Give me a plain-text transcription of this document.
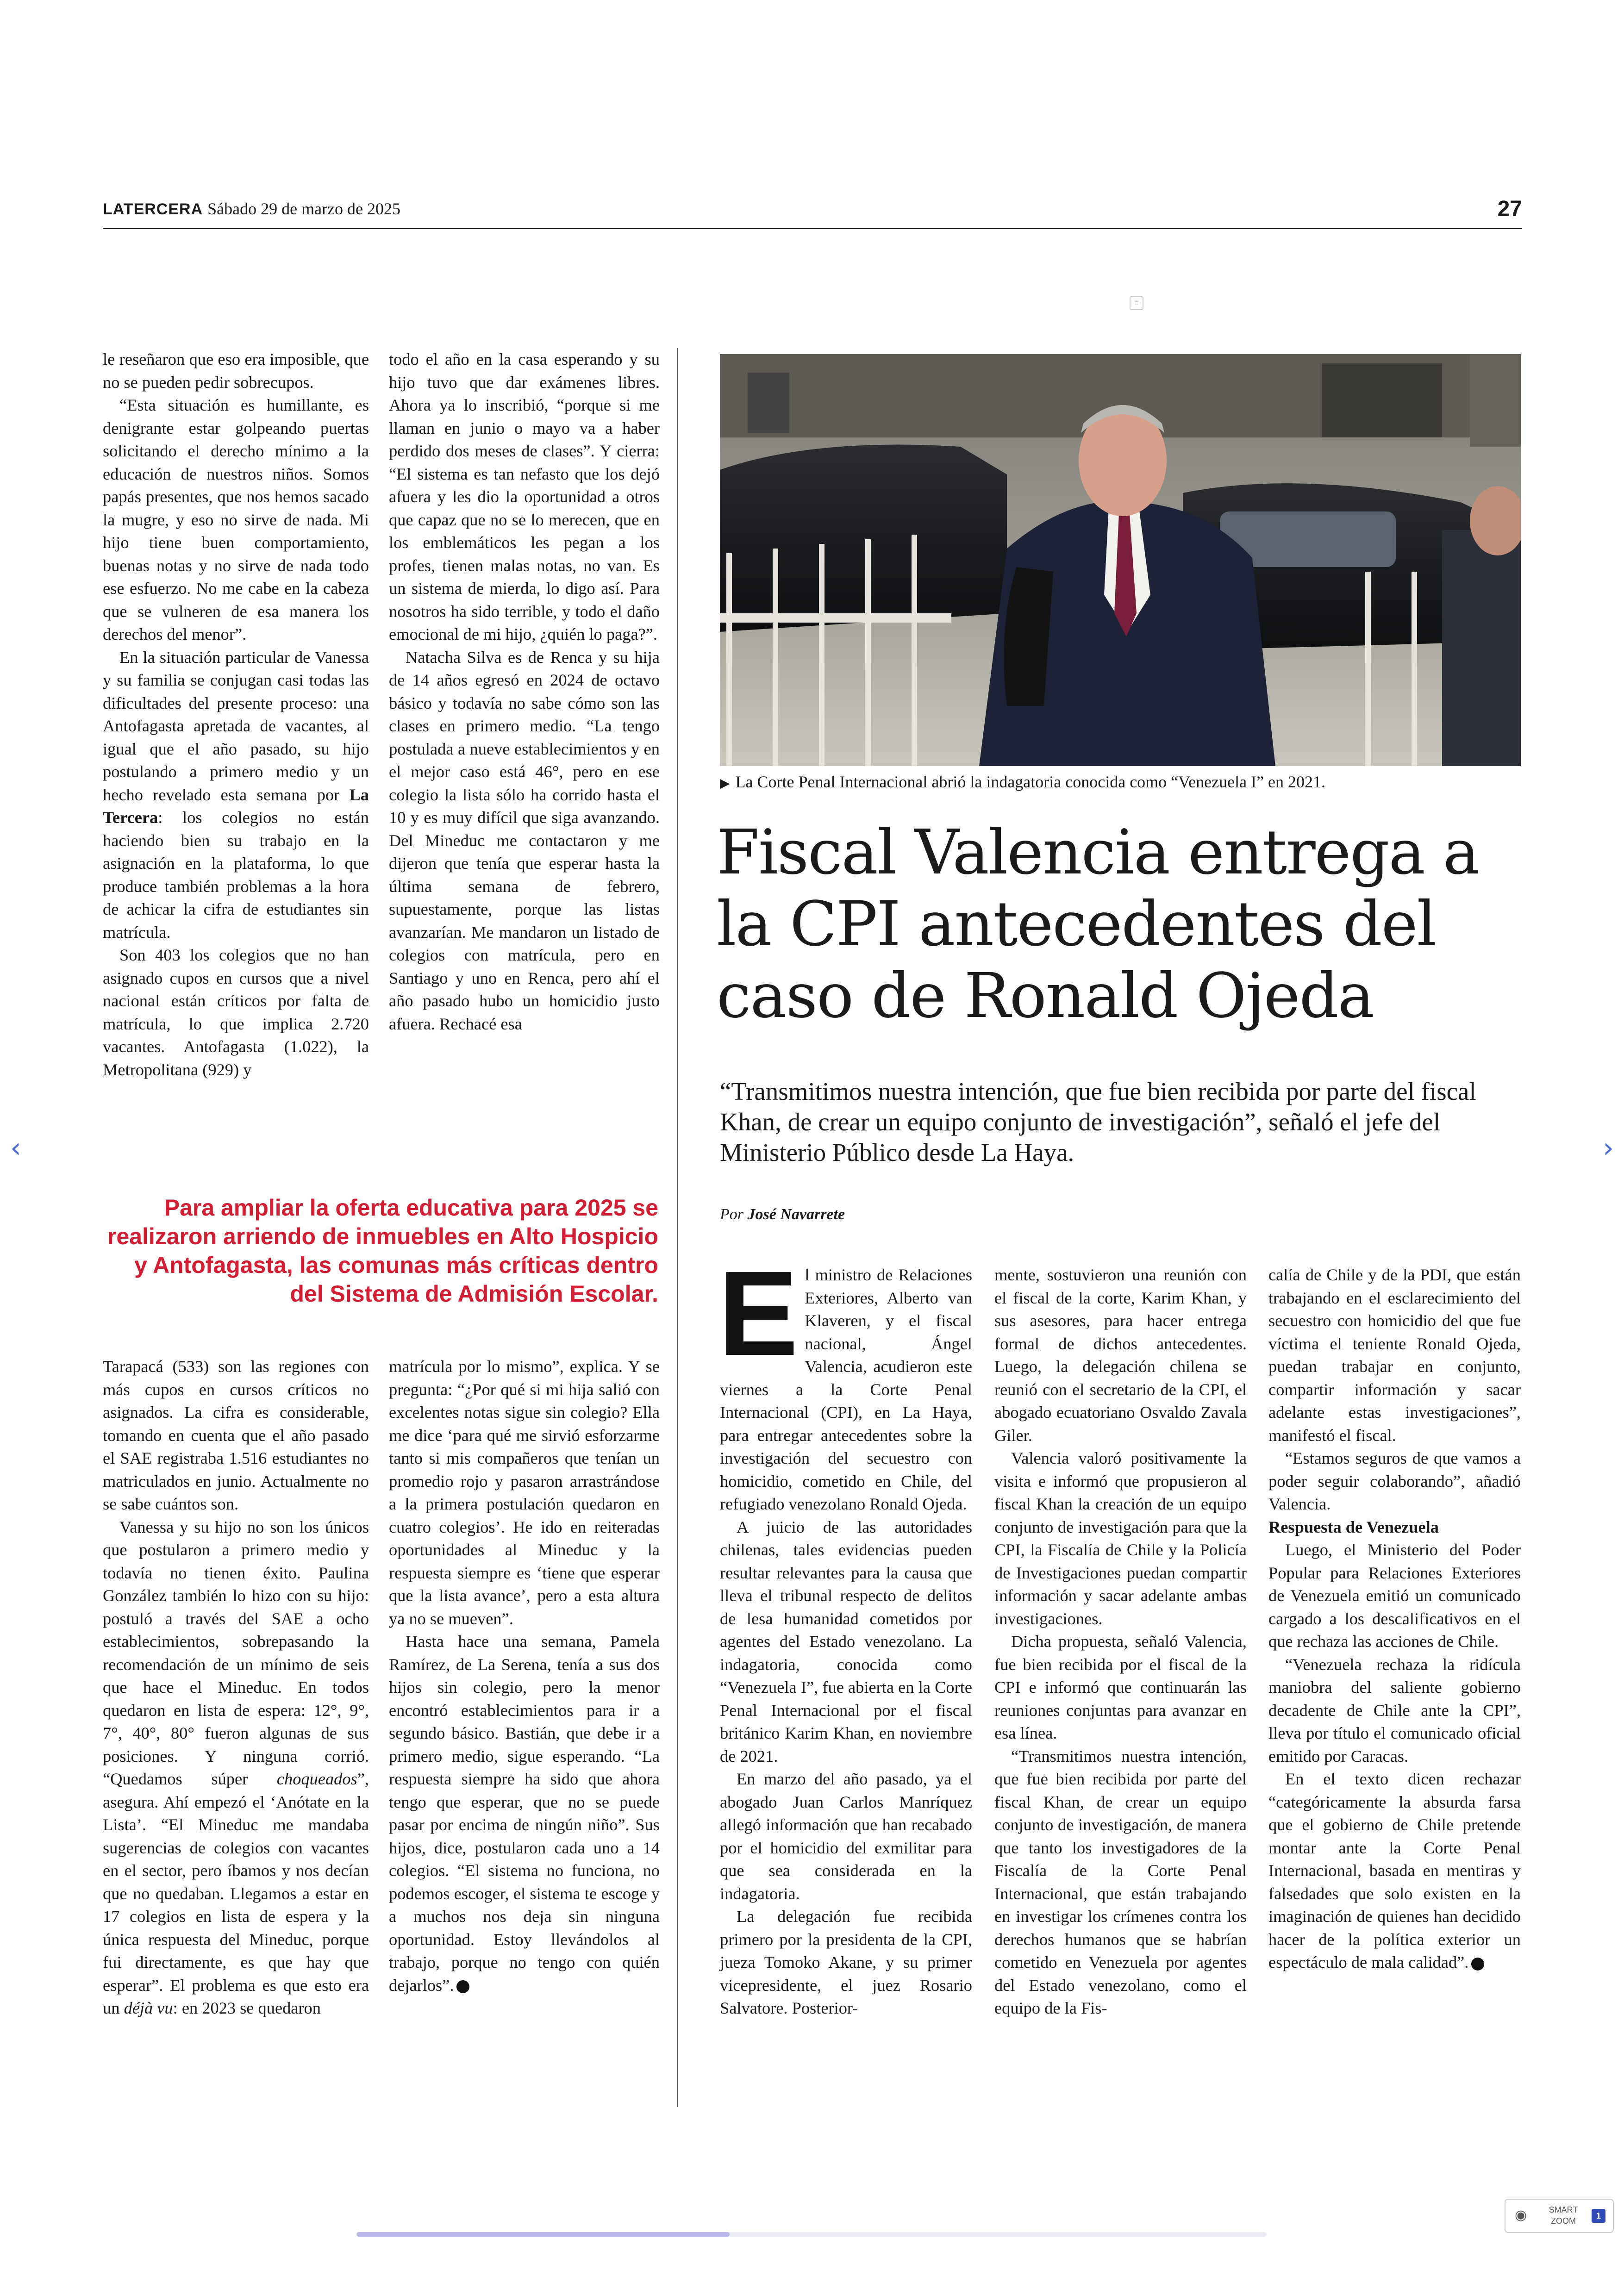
LATERCERA Sábado 29 de marzo de 2025	27
≡

le reseñaron que eso era imposible, que no se pueden pedir sobrecupos.

“Esta situación es humillante, es denigrante estar golpeando puertas solicitando el derecho mínimo a la educación de nuestros niños. Somos papás presentes, que nos hemos sacado la mugre, y eso no sirve de nada. Mi hijo tiene buen comportamiento, buenas notas y no sirve de nada todo ese esfuerzo. No me cabe en la cabeza que se vulneren de esa manera los derechos del menor”.

En la situación particular de Vanessa y su familia se conjugan casi todas las dificultades del presente proceso: una Antofagasta apretada de vacantes, al igual que el año pasado, su hijo postulando a primero medio y un hecho revelado esta semana por La Tercera: los colegios no están haciendo bien su trabajo en la asignación en la plataforma, lo que produce también problemas a la hora de achicar la cifra de estudiantes sin matrícula.

Son 403 los colegios que no han asignado cupos en cursos que a nivel nacional están críticos por falta de matrícula, lo que implica 2.720 vacantes. Antofagasta (1.022), la Metropolitana (929) y

todo el año en la casa esperando y su hijo tuvo que dar exámenes libres. Ahora ya lo inscribió, “porque si me llaman en junio o mayo va a haber perdido dos meses de clases”. Y cierra: “El sistema es tan nefasto que los dejó afuera y les dio la oportunidad a otros que capaz que no se lo merecen, que en los emblemáticos les pegan a los profes, tienen malas notas, no van. Es un sistema de mierda, lo digo así. Para nosotros ha sido terrible, y todo el daño emocional de mi hijo, ¿quién lo paga?”.

Natacha Silva es de Renca y su hija de 14 años egresó en 2024 de octavo básico y todavía no sabe cómo son las clases en primero medio. “La tengo postulada a nueve establecimientos y en el mejor caso está 46°, pero en ese colegio la lista sólo ha corrido hasta el 10 y es muy difícil que siga avanzando. Del Mineduc me contactaron y me dijeron que tenía que esperar hasta la última semana de febrero, supuestamente, porque las listas avanzarían. Me mandaron un listado de colegios con matrícula, pero en Santiago y uno en Renca, pero ahí el año pasado hubo un homicidio justo afuera. Rechacé esa

Para ampliar la oferta educativa para 2025 se realizaron arriendo de inmuebles en Alto Hospicio y Antofagasta, las comunas más críticas dentro del Sistema de Admisión Escolar.

Tarapacá (533) son las regiones con más cupos en cursos críticos no asignados. La cifra es considerable, tomando en cuenta que el año pasado el SAE registraba 1.516 estudiantes no matriculados en junio. Actualmente no se sabe cuántos son.

Vanessa y su hijo no son los únicos que postularon a primero medio y todavía no tienen éxito. Paulina González también lo hizo con su hijo: postuló a través del SAE a ocho establecimientos, sobrepasando la recomendación de un mínimo de seis que hace el Mineduc. En todos quedaron en lista de espera: 12°, 9°, 7°, 40°, 80° fueron algunas de sus posiciones. Y ninguna corrió. “Quedamos súper choqueados”, asegura. Ahí empezó el ‘Anótate en la Lista’. “El Mineduc me mandaba sugerencias de colegios con vacantes en el sector, pero íbamos y nos decían que no quedaban. Llegamos a estar en 17 colegios en lista de espera y la única respuesta del Mineduc, porque fui directamente, es que hay que esperar”. El problema es que esto era un déjà vu: en 2023 se quedaron

matrícula por lo mismo”, explica. Y se pregunta: “¿Por qué si mi hija salió con excelentes notas sigue sin colegio? Ella me dice ‘para qué me sirvió esforzarme tanto si mis compañeros que tenían un promedio rojo y pasaron arrastrándose a la primera postulación quedaron en cuatro colegios’. He ido en reiteradas oportunidades al Mineduc y la respuesta siempre es ‘tiene que esperar que la lista avance’, pero a esta altura ya no se mueven”.

Hasta hace una semana, Pamela Ramírez, de La Serena, tenía a sus dos hijos sin colegio, pero la menor encontró establecimientos para ir a segundo básico. Bastián, que debe ir a primero medio, sigue esperando. “La respuesta siempre ha sido que ahora tengo que esperar, que no se puede pasar por encima de ningún niño”. Sus hijos, dice, postularon cada uno a 14 colegios. “El sistema no funciona, no podemos escoger, el sistema te escoge y a muchos nos deja sin ninguna oportunidad. Estoy llevándolos al trabajo, porque no tengo con quién dejarlos”.

▶ La Corte Penal Internacional abrió la indagatoria conocida como “Venezuela I” en 2021.
Fiscal Valencia entrega a la CPI antecedentes del caso de Ronald Ojeda
“Transmitimos nuestra intención, que fue bien recibida por parte del fiscal Khan, de crear un equipo conjunto de investigación”, señaló el jefe del Ministerio Público desde La Haya.
Por José Navarrete

El ministro de Relaciones Exteriores, Alberto van Klaveren, y el fiscal nacional, Ángel Valencia, acudieron este viernes a la Corte Penal Internacional (CPI), en La Haya, para entregar antecedentes sobre la investigación del secuestro con homicidio, cometido en Chile, del refugiado venezolano Ronald Ojeda.

A juicio de las autoridades chilenas, tales evidencias pueden resultar relevantes para la causa que lleva el tribunal respecto de delitos de lesa humanidad cometidos por agentes del Estado venezolano. La indagatoria, conocida como “Venezuela I”, fue abierta en la Corte Penal Internacional por el fiscal británico Karim Khan, en noviembre de 2021.

En marzo del año pasado, ya el abogado Juan Carlos Manríquez allegó información que han recabado por el homicidio del exmilitar para que sea considerada en la indagatoria.

La delegación fue recibida primero por la presidenta de la CPI, jueza Tomoko Akane, y su primer vicepresidente, el juez Rosario Salvatore. Posterior-

mente, sostuvieron una reunión con el fiscal de la corte, Karim Khan, y sus asesores, para hacer entrega formal de dichos antecedentes. Luego, la delegación chilena se reunió con el secretario de la CPI, el abogado ecuatoriano Osvaldo Zavala Giler.

Valencia valoró positivamente la visita e informó que propusieron al fiscal Khan la creación de un equipo conjunto de investigación para que la CPI, la Fiscalía de Chile y la Policía de Investigaciones puedan compartir información y sacar adelante ambas investigaciones.

Dicha propuesta, señaló Valencia, fue bien recibida por el fiscal de la CPI e informó que continuarán las reuniones conjuntas para avanzar en esa línea.

“Transmitimos nuestra intención, que fue bien recibida por parte del fiscal Khan, de crear un equipo conjunto de investigación, de manera que tanto los investigadores de la Fiscalía de la Corte Penal Internacional, que están trabajando en investigar los crímenes contra los derechos humanos que se habrían cometido en Venezuela por agentes del Estado venezolano, como el equipo de la Fis-

calía de Chile y de la PDI, que están trabajando en el esclarecimiento del secuestro con homicidio del que fue víctima el teniente Ronald Ojeda, puedan trabajar en conjunto, compartir información y sacar adelante estas investigaciones”, manifestó el fiscal.

“Estamos seguros de que vamos a poder seguir colaborando”, añadió Valencia.

Respuesta de Venezuela

Luego, el Ministerio del Poder Popular para Relaciones Exteriores de Venezuela emitió un comunicado cargado a los descalificativos en el que rechaza las acciones de Chile.

“Venezuela rechaza la ridícula maniobra del saliente gobierno decadente de Chile ante la CPI”, lleva por título el comunicado oficial emitido por Caracas.

En el texto dicen rechazar “categóricamente la absurda farsa que el gobierno de Chile pretende montar ante la Corte Penal Internacional, basada en mentiras y falsedades que solo existen en la imaginación de quienes han decidido hacer de la política exterior un espectáculo de mala calidad”.

‹	›
◉	SMART
ZOOM
1
